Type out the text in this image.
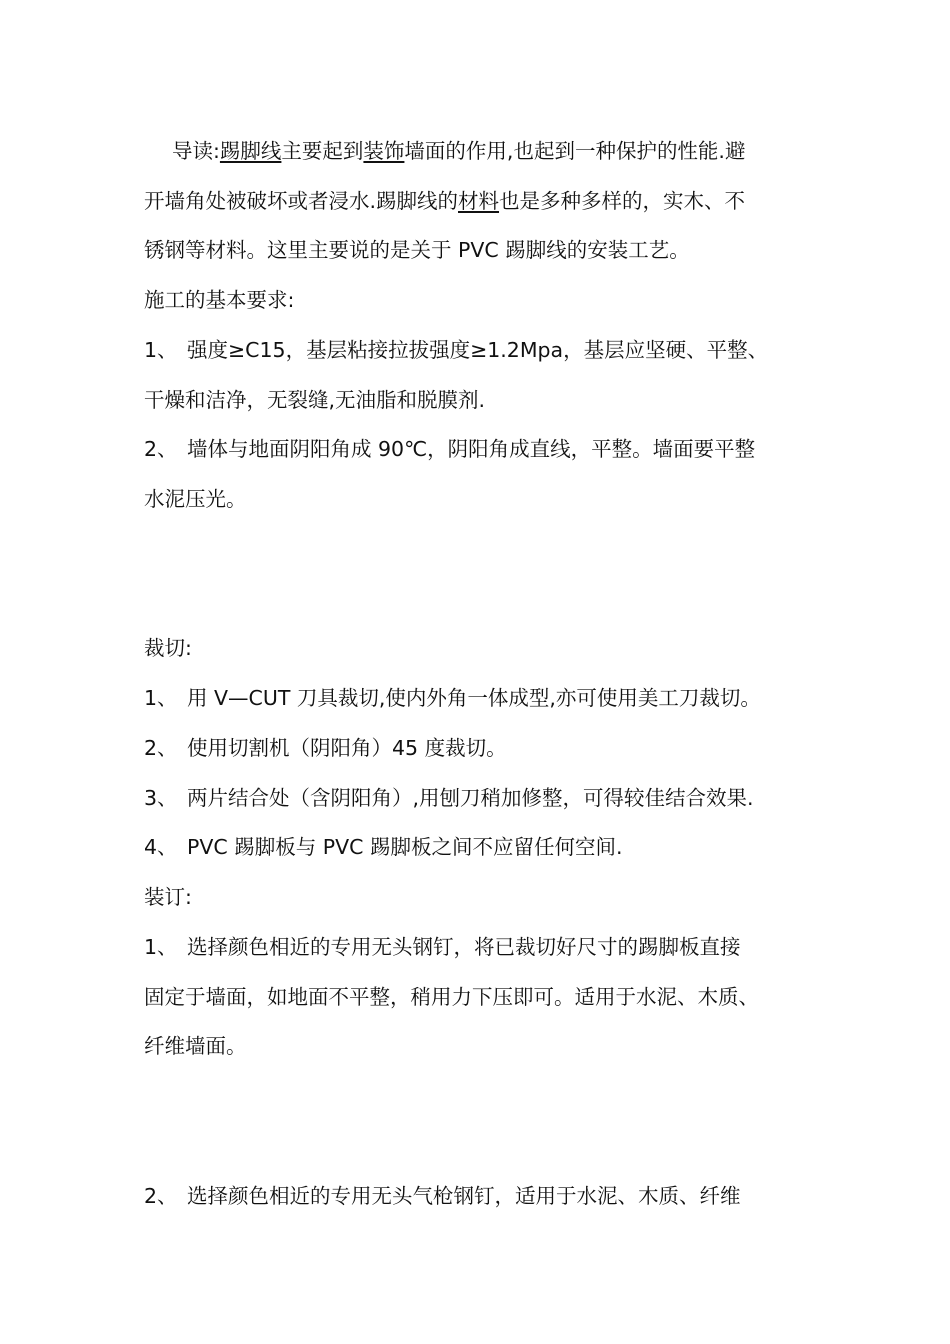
导读:踢脚线主要起到装饰墙面的作用,也起到一种保护的性能.避
开墙角处被破坏或者浸水.踢脚线的材料也是多种多样的，实木、不
锈钢等材料。这里主要说的是关于 PVC 踢脚线的安装工艺。
施工的基本要求:
1、 强度≥C15，基层粘接拉拔强度≥1.2Mpa，基层应坚硬、平整、
干燥和洁净，无裂缝,无油脂和脱膜剂.
2、 墙体与地面阴阳角成 90℃，阴阳角成直线，平整。墙面要平整
水泥压光。
裁切:
1、 用 V—CUT 刀具裁切,使内外角一体成型,亦可使用美工刀裁切。
2、 使用切割机（阴阳角）45 度裁切。
3、 两片结合处（含阴阳角）,用刨刀稍加修整，可得较佳结合效果.
4、 PVC 踢脚板与 PVC 踢脚板之间不应留任何空间.
装订:
1、 选择颜色相近的专用无头钢钉，将已裁切好尺寸的踢脚板直接
固定于墙面，如地面不平整，稍用力下压即可。适用于水泥、木质、
纤维墙面。
2、 选择颜色相近的专用无头气枪钢钉，适用于水泥、木质、纤维
